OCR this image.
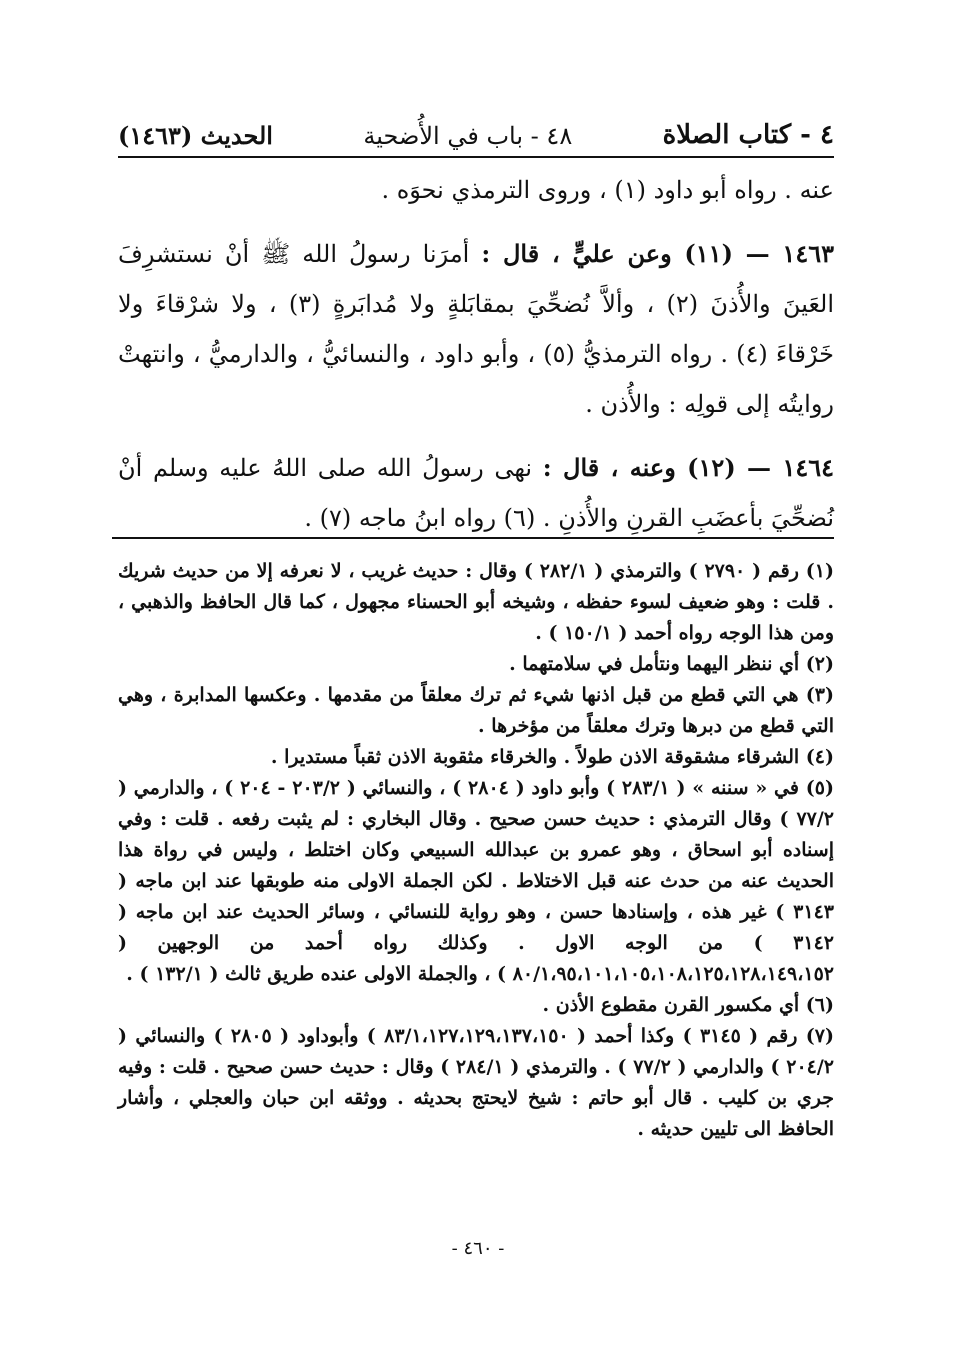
٤ - كتاب الصلاة
٤٨ - باب في الأُضحية
الحديث (١٤٦٣)

عنه . رواه أبو داود (١) ، وروى الترمذي نحوَه .

١٤٦٣ — (١١) وعن عليٍّ ، قال : أمرَنا رسولُ الله ﷺ أنْ نستشرِفَ العَينَ والأُذنَ (٢) ، وألاَّ نُضحِّيَ بمقابَلةٍ ولا مُدابَرةٍ (٣) ، ولا شرْقاءَ ولا خَرْقاءَ (٤) . رواه الترمذيُّ (٥) ، وأبو داود ، والنسائيُّ ، والدارميُّ ، وانتهتْ روايتُه إلى قولِه : والأُذن .

١٤٦٤ — (١٢) وعنه ، قال : نهى رسولُ الله صلى اللهُ عليه وسلم أنْ نُضحِّيَ بأعضَبِ القرنِ والأُذنِ . (٦) رواه ابنُ ماجه (٧) .

(١) رقم ( ٢٧٩٠ ) والترمذي ( ٢٨٢/١ ) وقال : حديث غريب ، لا نعرفه إلا من حديث شريك . قلت : وهو ضعيف لسوء حفظه ، وشيخه أبو الحسناء مجهول ، كما قال الحافظ والذهبي ، ومن هذا الوجه رواه أحمد ( ١٥٠/١ ) .

(٢) أي ننظر اليهما ونتأمل في سلامتهما .

(٣) هي التي قطع من قبل اذنها شيء ثم ترك معلقاً من مقدمها . وعكسها المدابرة ، وهي التي قطع من دبرها وترك معلقاً من مؤخرها .

(٤) الشرقاء مشقوقة الاذن طولاً . والخرقاء مثقوبة الاذن ثقباً مستديرا .

(٥) في « سننه » ( ٢٨٣/١ ) وأبو داود ( ٢٨٠٤ ) ، والنسائي ( ٢٠٣/٢ - ٢٠٤ ) ، والدارمي ( ٧٧/٢ ) وقال الترمذي : حديث حسن صحيح . وقال البخاري : لم يثبت رفعه . قلت : وفي إسناده أبو اسحاق ، وهو عمرو بن عبدالله السبيعي وكان اختلط ، وليس في رواة هذا الحديث عنه من حدث عنه قبل الاختلاط . لكن الجملة الاولى منه طوبقها عند ابن ماجه ( ٣١٤٣ ) غير هذه ، وإسنادها حسن ، وهو رواية للنسائي ، وسائر الحديث عند ابن ماجه ( ٣١٤٢ ) من الوجه الاول . وكذلك رواه أحمد من الوجهين ( ٨٠/١،٩٥،١٠١،١٠٥،١٠٨،١٢٥،١٢٨،١٤٩،١٥٢ ) ، والجملة الاولى عنده طريق ثالث ( ١٣٢/١ ) .

(٦) أي مكسور القرن مقطوع الأذن .

(٧) رقم ( ٣١٤٥ ) وكذا أحمد ( ٨٣/١،١٢٧،١٢٩،١٣٧،١٥٠ ) وأبوداود ( ٢٨٠٥ ) والنسائي ( ٢٠٤/٢ ) والدارمي ( ٧٧/٢ ) . والترمذي ( ٢٨٤/١ ) وقال : حديث حسن صحيح . قلت : وفيه جري بن كليب . قال أبو حاتم : شيخ لايحتج بحديثه . ووثقه ابن حبان والعجلي ، وأشار الحافظ الى تليين حديثه .

- ٤٦٠ -
